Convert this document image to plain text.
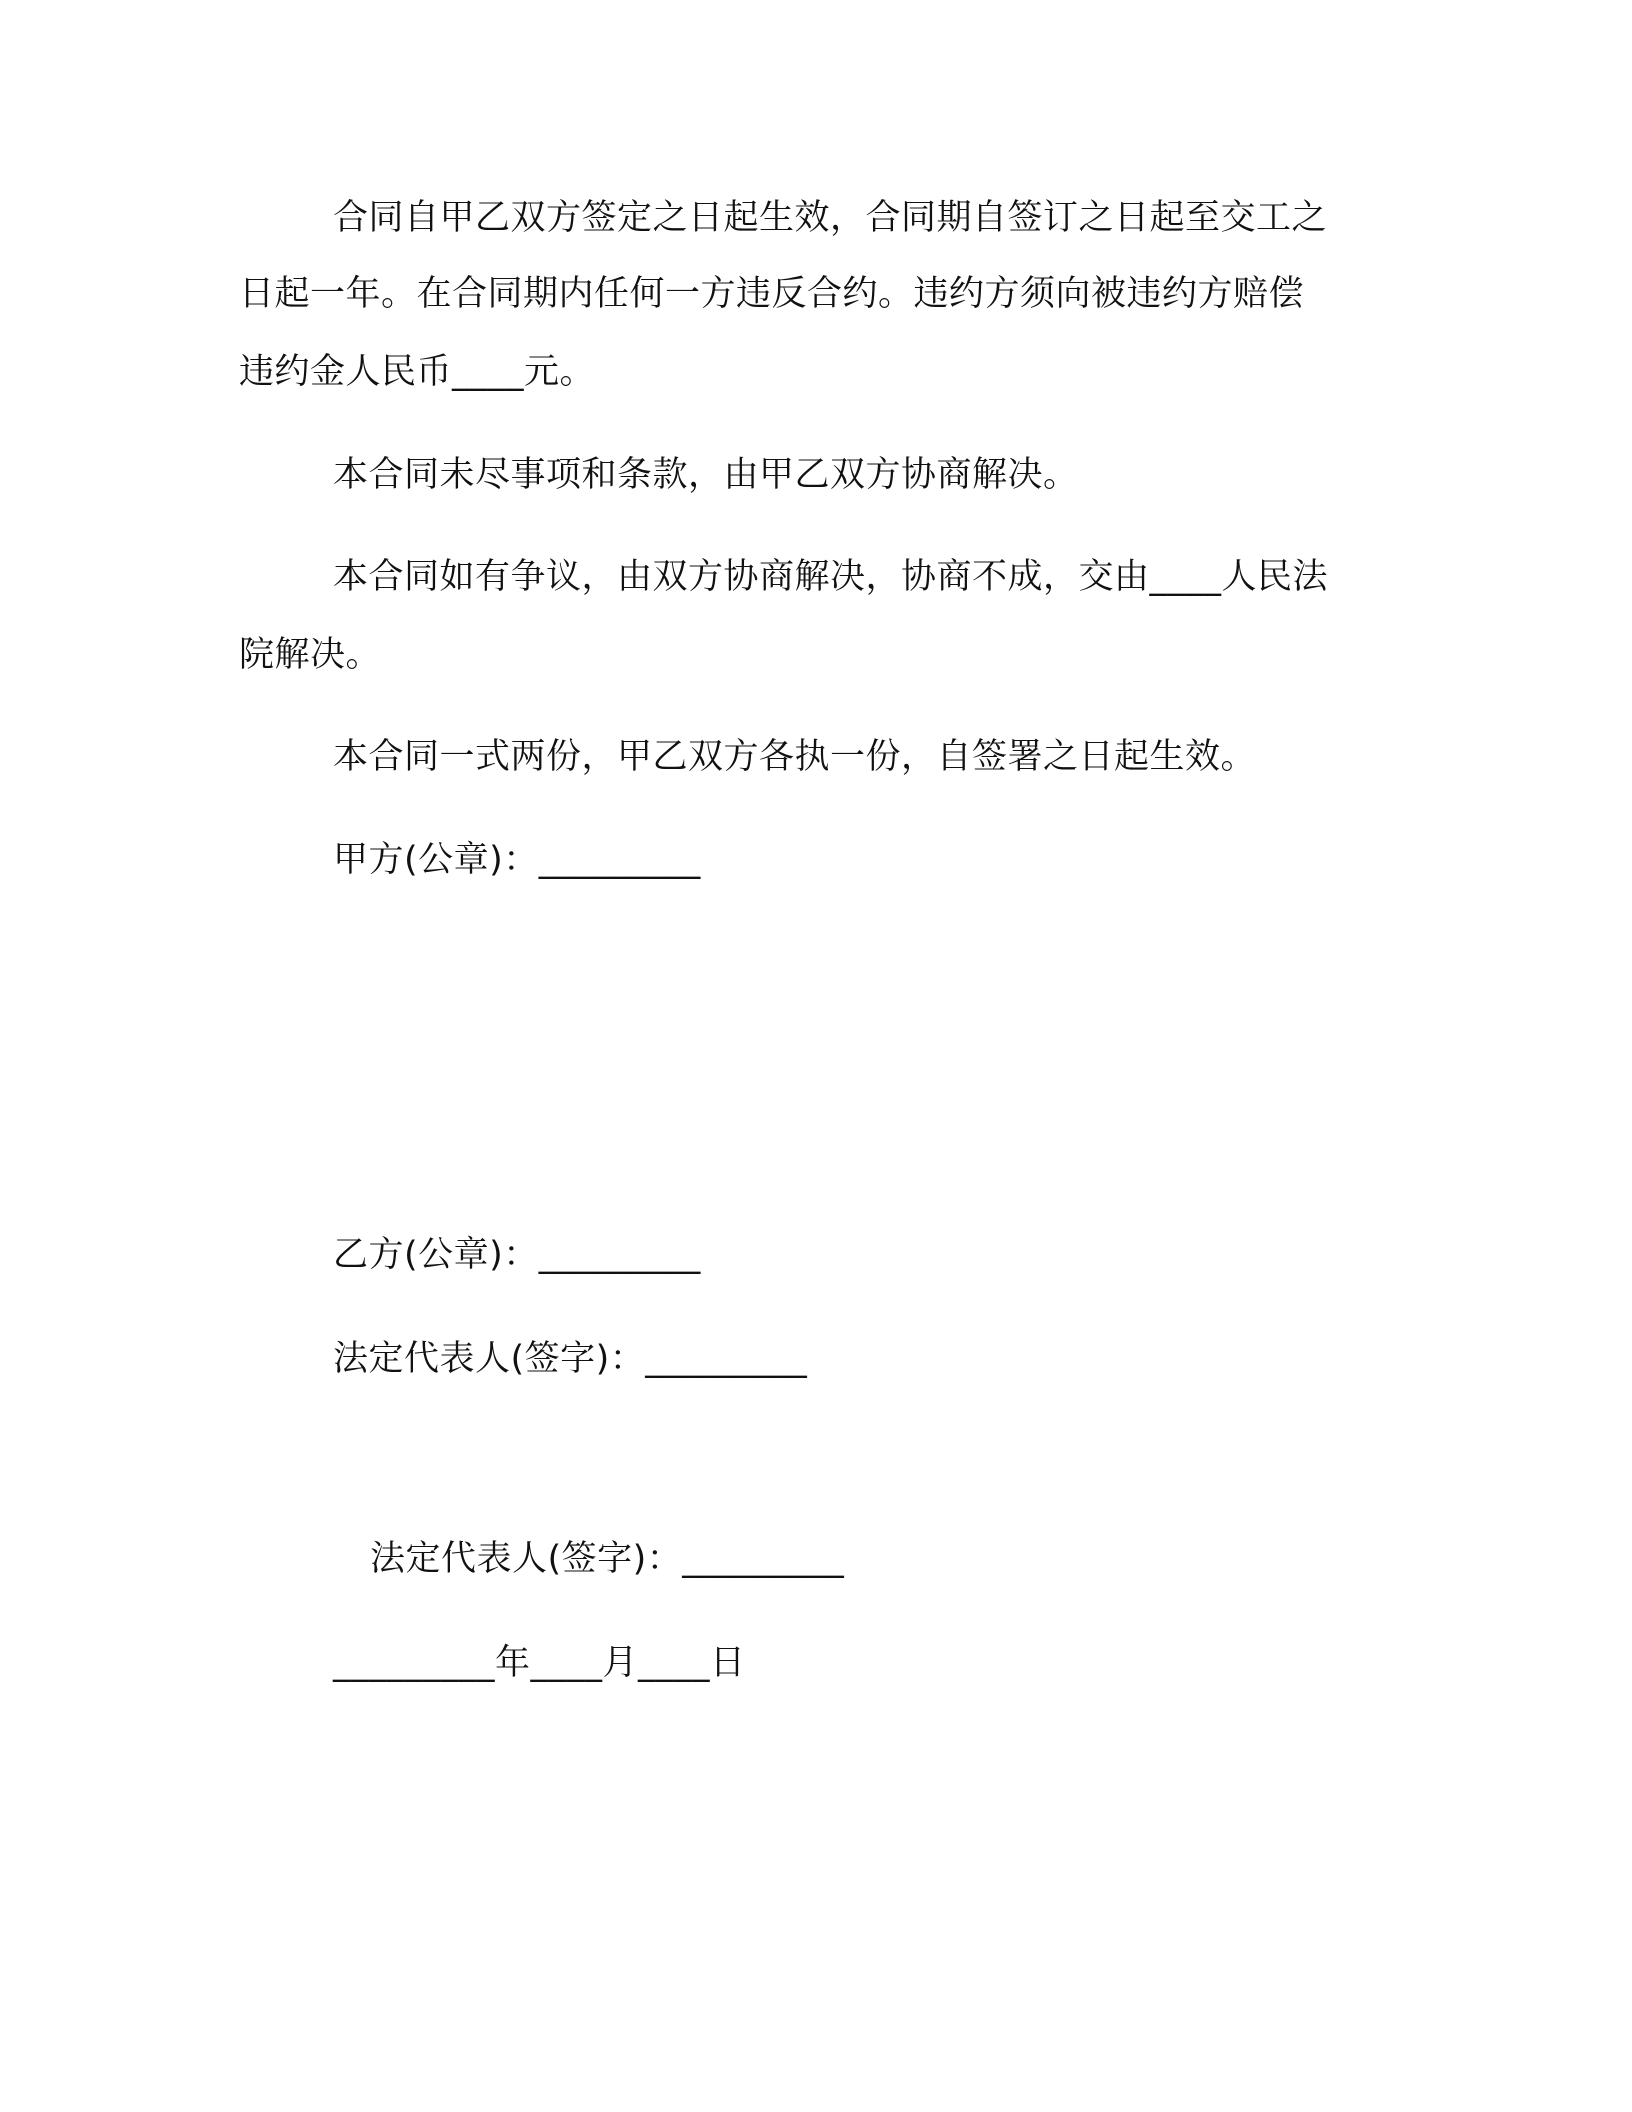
合同自甲乙双方签定之日起生效，合同期自签订之日起至交工之
日起一年。在合同期内任何一方违反合约。违约方须向被违约方赔偿
违约金人民币____元。
本合同未尽事项和条款，由甲乙双方协商解决。
本合同如有争议，由双方协商解决，协商不成，交由____人民法
院解决。
本合同一式两份，甲乙双方各执一份，自签署之日起生效。
甲方(公章)：_________
乙方(公章)：_________
法定代表人(签字)：_________
法定代表人(签字)：_________
_________年____月____日
